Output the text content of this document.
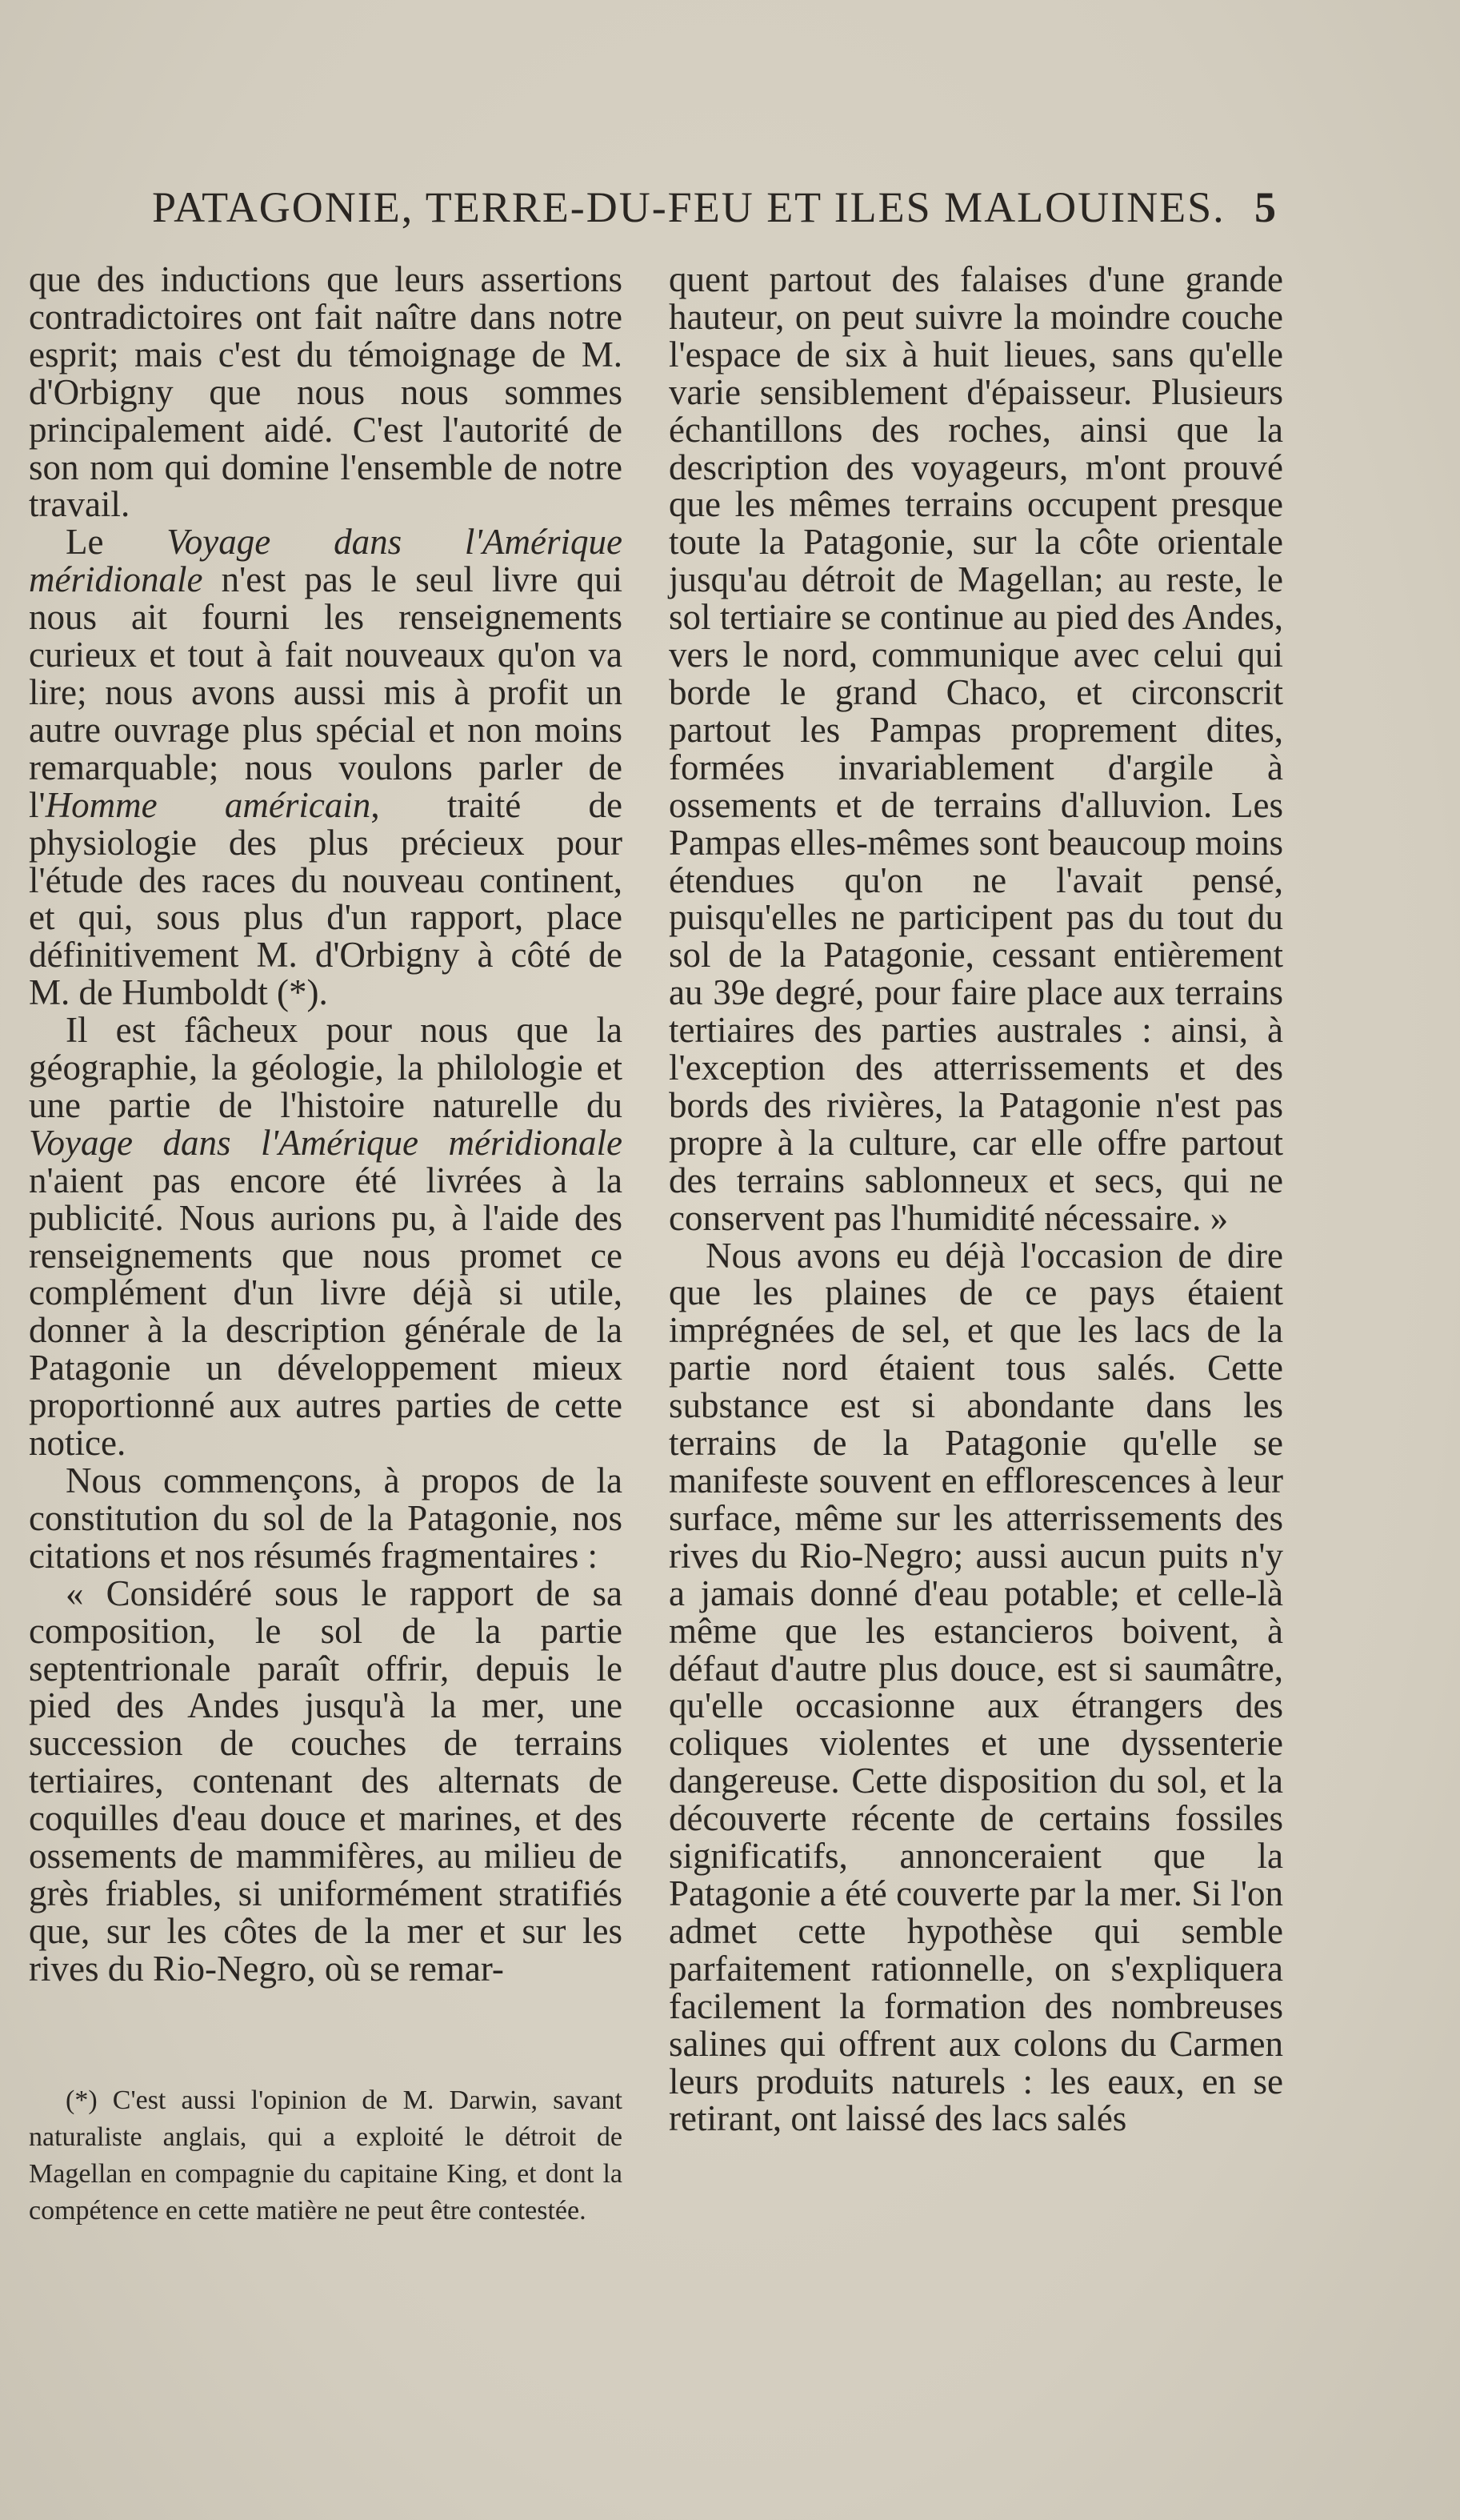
PATAGONIE, TERRE-DU-FEU ET ILES MALOUINES. 5

que des inductions que leurs assertions contradictoires ont fait naître dans notre esprit; mais c'est du témoignage de M. d'Orbigny que nous nous sommes principalement aidé. C'est l'autorité de son nom qui domine l'ensemble de notre travail.

Le Voyage dans l'Amérique méridionale n'est pas le seul livre qui nous ait fourni les renseignements curieux et tout à fait nouveaux qu'on va lire; nous avons aussi mis à profit un autre ouvrage plus spécial et non moins remarquable; nous voulons parler de l'Homme américain, traité de physiologie des plus précieux pour l'étude des races du nouveau continent, et qui, sous plus d'un rapport, place définitivement M. d'Orbigny à côté de M. de Humboldt (*).

Il est fâcheux pour nous que la géographie, la géologie, la philologie et une partie de l'histoire naturelle du Voyage dans l'Amérique méridionale n'aient pas encore été livrées à la publicité. Nous aurions pu, à l'aide des renseignements que nous promet ce complément d'un livre déjà si utile, donner à la description générale de la Patagonie un développement mieux proportionné aux autres parties de cette notice.

Nous commençons, à propos de la constitution du sol de la Patagonie, nos citations et nos résumés fragmentaires :

« Considéré sous le rapport de sa composition, le sol de la partie septentrionale paraît offrir, depuis le pied des Andes jusqu'à la mer, une succession de couches de terrains tertiaires, contenant des alternats de coquilles d'eau douce et marines, et des ossements de mammifères, au milieu de grès friables, si uniformément stratifiés que, sur les côtes de la mer et sur les rives du Rio-Negro, où se remar-

(*) C'est aussi l'opinion de M. Darwin, savant naturaliste anglais, qui a exploité le détroit de Magellan en compagnie du capitaine King, et dont la compétence en cette matière ne peut être contestée.

quent partout des falaises d'une grande hauteur, on peut suivre la moindre couche l'espace de six à huit lieues, sans qu'elle varie sensiblement d'épaisseur. Plusieurs échantillons des roches, ainsi que la description des voyageurs, m'ont prouvé que les mêmes terrains occupent presque toute la Patagonie, sur la côte orientale jusqu'au détroit de Magellan; au reste, le sol tertiaire se continue au pied des Andes, vers le nord, communique avec celui qui borde le grand Chaco, et circonscrit partout les Pampas proprement dites, formées invariablement d'argile à ossements et de terrains d'alluvion. Les Pampas elles-mêmes sont beaucoup moins étendues qu'on ne l'avait pensé, puisqu'elles ne participent pas du tout du sol de la Patagonie, cessant entièrement au 39e degré, pour faire place aux terrains tertiaires des parties australes : ainsi, à l'exception des atterrissements et des bords des rivières, la Patagonie n'est pas propre à la culture, car elle offre partout des terrains sablonneux et secs, qui ne conservent pas l'humidité nécessaire. »

Nous avons eu déjà l'occasion de dire que les plaines de ce pays étaient imprégnées de sel, et que les lacs de la partie nord étaient tous salés. Cette substance est si abondante dans les terrains de la Patagonie qu'elle se manifeste souvent en efflorescences à leur surface, même sur les atterrissements des rives du Rio-Negro; aussi aucun puits n'y a jamais donné d'eau potable; et celle-là même que les estancieros boivent, à défaut d'autre plus douce, est si saumâtre, qu'elle occasionne aux étrangers des coliques violentes et une dyssenterie dangereuse. Cette disposition du sol, et la découverte récente de certains fossiles significatifs, annonceraient que la Patagonie a été couverte par la mer. Si l'on admet cette hypothèse qui semble parfaitement rationnelle, on s'expliquera facilement la formation des nombreuses salines qui offrent aux colons du Carmen leurs produits naturels : les eaux, en se retirant, ont laissé des lacs salés
